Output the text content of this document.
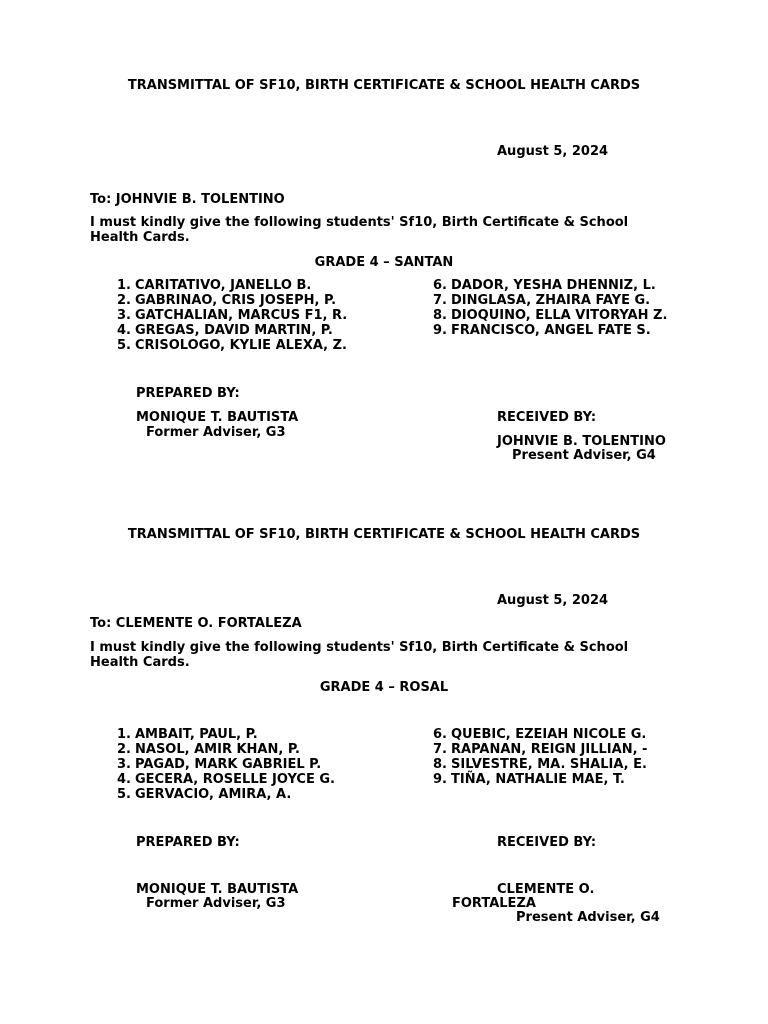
TRANSMITTAL OF SF10, BIRTH CERTIFICATE & SCHOOL HEALTH CARDS
August 5, 2024
To: JOHNVIE B. TOLENTINO
I must kindly give the following students' Sf10, Birth Certificate & School Health Cards.
GRADE 4 – SANTAN
1. CARITATIVO, JANELLO B.
2. GABRINAO, CRIS JOSEPH, P.
3. GATCHALIAN, MARCUS F1, R.
4. GREGAS, DAVID MARTIN, P.
5. CRISOLOGO, KYLIE ALEXA, Z.
6. DADOR, YESHA DHENNIZ, L.
7. DINGLASA, ZHAIRA FAYE G.
8. DIOQUINO, ELLA VITORYAH Z.
9. FRANCISCO, ANGEL FATE S.
PREPARED BY:
MONIQUE T. BAUTISTA
Former Adviser, G3
RECEIVED BY:
JOHNVIE B. TOLENTINO
Present Adviser, G4
TRANSMITTAL OF SF10, BIRTH CERTIFICATE & SCHOOL HEALTH CARDS
August 5, 2024
To: CLEMENTE O. FORTALEZA
I must kindly give the following students' Sf10, Birth Certificate & School Health Cards.
GRADE 4 – ROSAL
1. AMBAIT, PAUL, P.
2. NASOL, AMIR KHAN, P.
3. PAGAD, MARK GABRIEL P.
4. GECERA, ROSELLE JOYCE G.
5. GERVACIO, AMIRA, A.
6. QUEBIC, EZEIAH NICOLE G.
7. RAPANAN, REIGN JILLIAN, -
8. SILVESTRE, MA. SHALIA, E.
9. TIÑA, NATHALIE MAE, T.
PREPARED BY:
MONIQUE T. BAUTISTA
Former Adviser, G3
RECEIVED BY:
CLEMENTE O.
FORTALEZA
Present Adviser, G4
